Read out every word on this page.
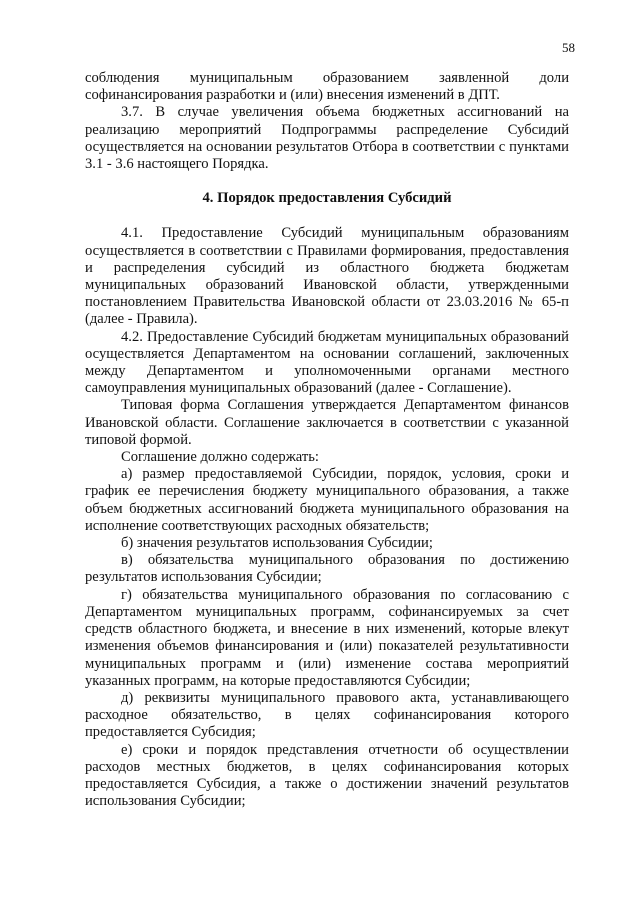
58

соблюдения муниципальным образованием заявленной доли софинансирования разработки и (или) внесения изменений в ДПТ.

3.7. В случае увеличения объема бюджетных ассигнований на реализацию мероприятий Подпрограммы распределение Субсидий осуществляется на основании результатов Отбора в соответствии с пунктами 3.1 - 3.6 настоящего Порядка.

4. Порядок предоставления Субсидий

4.1. Предоставление Субсидий муниципальным образованиям осуществляется в соответствии с Правилами формирования, предоставления и распределения субсидий из областного бюджета бюджетам муниципальных образований Ивановской области, утвержденными постановлением Правительства Ивановской области от 23.03.2016 № 65-п (далее - Правила).

4.2. Предоставление Субсидий бюджетам муниципальных образований осуществляется Департаментом на основании соглашений, заключенных между Департаментом и уполномоченными органами местного самоуправления муниципальных образований (далее - Соглашение).

Типовая форма Соглашения утверждается Департаментом финансов Ивановской области. Соглашение заключается в соответствии с указанной типовой формой.

Соглашение должно содержать:

а) размер предоставляемой Субсидии, порядок, условия, сроки и график ее перечисления бюджету муниципального образования, а также объем бюджетных ассигнований бюджета муниципального образования на исполнение соответствующих расходных обязательств;

б) значения результатов использования Субсидии;

в) обязательства муниципального образования по достижению результатов использования Субсидии;

г) обязательства муниципального образования по согласованию с Департаментом муниципальных программ, софинансируемых за счет средств областного бюджета, и внесение в них изменений, которые влекут изменения объемов финансирования и (или) показателей результативности муниципальных программ и (или) изменение состава мероприятий указанных программ, на которые предоставляются Субсидии;

д) реквизиты муниципального правового акта, устанавливающего расходное обязательство, в целях софинансирования которого предоставляется Субсидия;

е) сроки и порядок представления отчетности об осуществлении расходов местных бюджетов, в целях софинансирования которых предоставляется Субсидия, а также о достижении значений результатов использования Субсидии;
